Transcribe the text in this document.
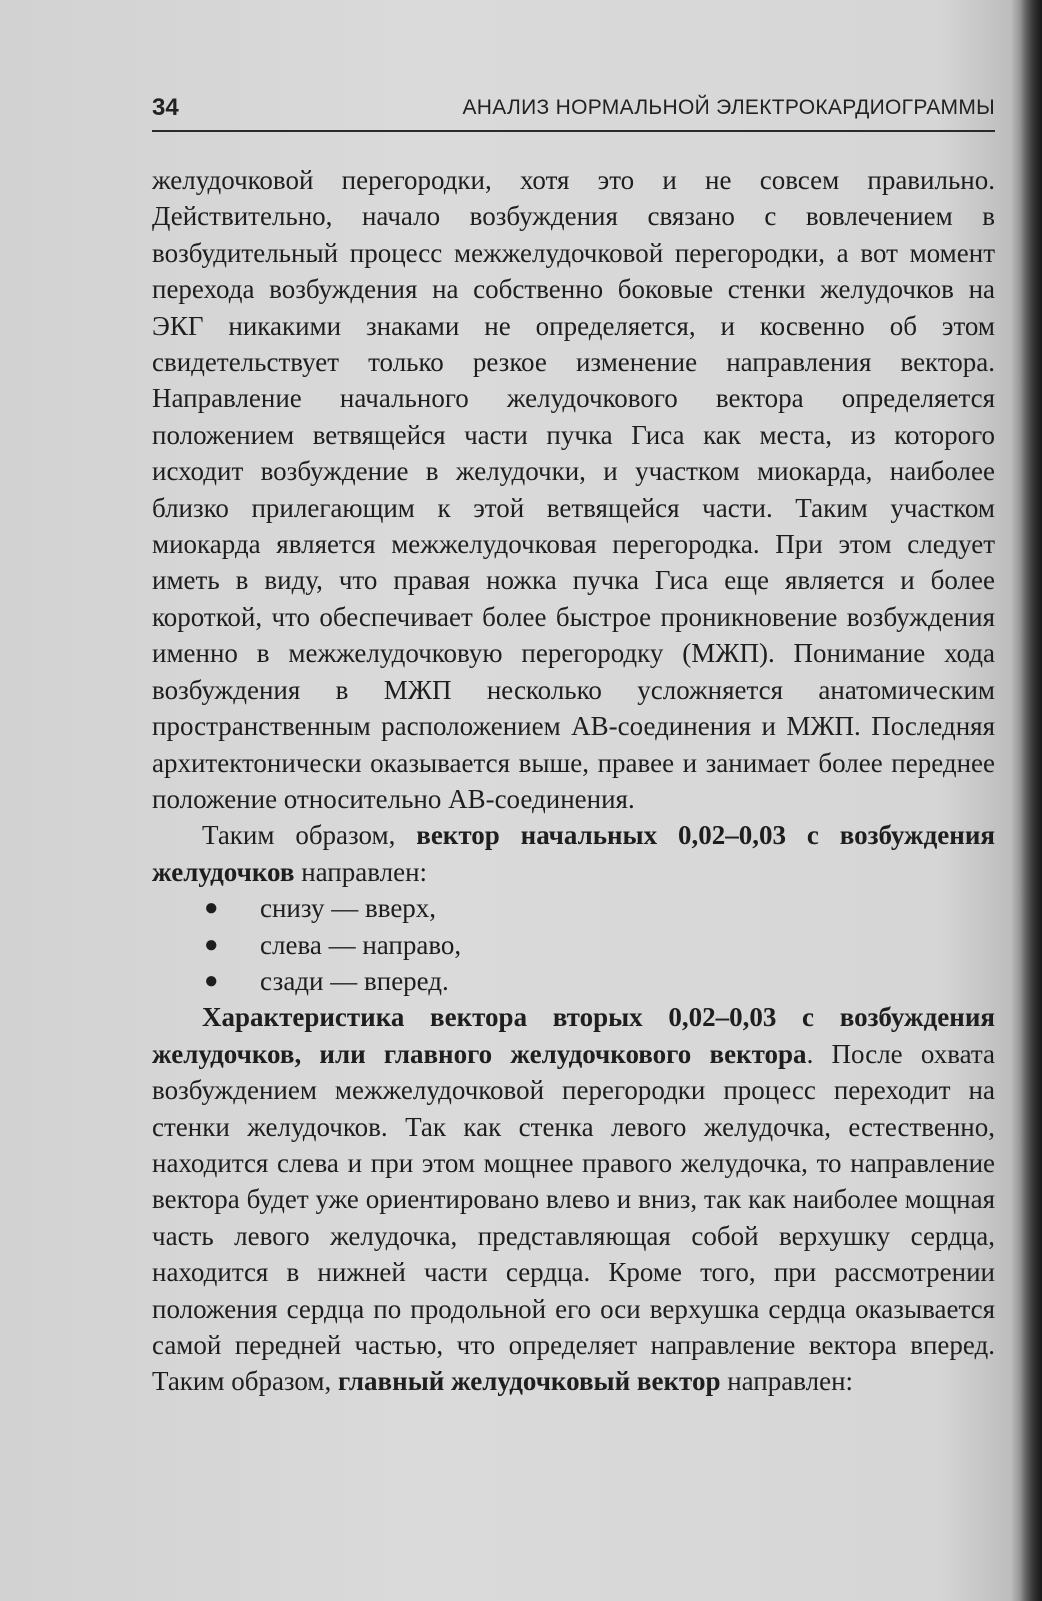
34	АНАЛИЗ НОРМАЛЬНОЙ ЭЛЕКТРОКАРДИОГРАММЫ

желудочковой перегородки, хотя это и не совсем правильно. Действительно, начало возбуждения связано с вовлечением в возбудительный процесс межжелудочковой перегородки, а вот момент перехода возбуждения на собственно боковые стенки желудочков на ЭКГ никакими знаками не определяется, и косвенно об этом свидетельствует только резкое изменение направления вектора. Направление начального желудочкового вектора определяется положением ветвящейся части пучка Гиса как места, из которого исходит возбуждение в желудочки, и участком миокарда, наиболее близко прилегающим к этой ветвящейся части. Таким участком миокарда является межжелудочковая перегородка. При этом следует иметь в виду, что правая ножка пучка Гиса еще является и более короткой, что обеспечивает более быстрое проникновение возбуждения именно в межжелудочковую перегородку (МЖП). Понимание хода возбуждения в МЖП несколько усложняется анатомическим пространственным расположением АВ-соединения и МЖП. Последняя архитектонически оказывается выше, правее и занимает более переднее положение относительно АВ-соединения.

Таким образом, вектор начальных 0,02–0,03 с возбуждения желудочков направлен:

● снизу — вверх,
● слева — направо,
● сзади — вперед.

Характеристика вектора вторых 0,02–0,03 с возбуждения желудочков, или главного желудочкового вектора. После охвата возбуждением межжелудочковой перегородки процесс переходит на стенки желудочков. Так как стенка левого желудочка, естественно, находится слева и при этом мощнее правого желудочка, то направление вектора будет уже ориентировано влево и вниз, так как наиболее мощная часть левого желудочка, представляющая собой верхушку сердца, находится в нижней части сердца. Кроме того, при рассмотрении положения сердца по продольной его оси верхушка сердца оказывается самой передней частью, что определяет направление вектора вперед. Таким образом, главный желудочковый вектор направлен:
